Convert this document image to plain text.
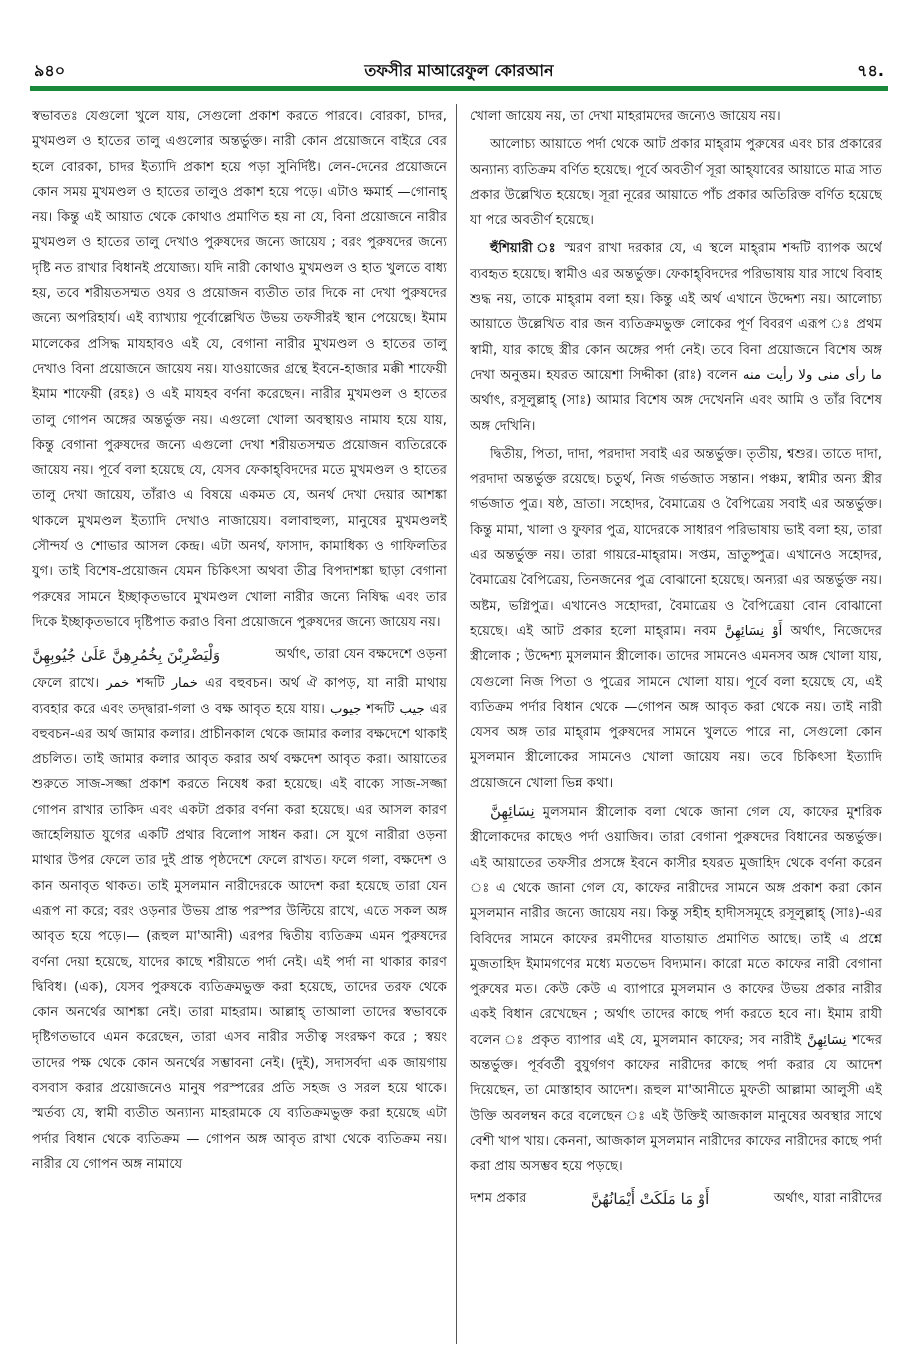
৯৪০	তফসীর মাআরেফুল কোরআন	৭৪.

স্বভাবতঃ যেগুলো খুলে যায়, সেগুলো প্রকাশ করতে পারবে। বোরকা, চাদর, মুখমণ্ডল ও হাতের তালু এগুলোর অন্তর্ভুক্ত। নারী কোন প্রয়োজনে বাইরে বের হলে বোরকা, চাদর ইত্যাদি প্রকাশ হয়ে পড়া সুনির্দিষ্ট। লেন-দেনের প্রয়োজনে কোন সময় মুখমণ্ডল ও হাতের তালুও প্রকাশ হয়ে পড়ে। এটাও ক্ষমার্হ —গোনাহ্ নয়। কিন্তু এই আয়াত থেকে কোথাও প্রমাণিত হয় না যে, বিনা প্রয়োজনে নারীর মুখমণ্ডল ও হাতের তালু দেখাও পুরুষদের জন্যে জায়েয ; বরং পুরুষদের জন্যে দৃষ্টি নত রাখার বিধানই প্রযোজ্য। যদি নারী কোথাও মুখমণ্ডল ও হাত খুলতে বাধ্য হয়, তবে শরীয়তসম্মত ওযর ও প্রয়োজন ব্যতীত তার দিকে না দেখা পুরুষদের জন্যে অপরিহার্য। এই ব্যাখ্যায় পূর্বোল্লেখিত উভয় তফসীরই স্থান পেয়েছে। ইমাম মালেকের প্রসিদ্ধ মাযহাবও এই যে, বেগানা নারীর মুখমণ্ডল ও হাতের তালু দেখাও বিনা প্রয়োজনে জায়েয নয়। যাওয়াজের গ্রন্থে ইবনে-হাজার মক্কী শাফেয়ী ইমাম শাফেয়ী (রহঃ) ও এই মাযহব বর্ণনা করেছেন। নারীর মুখমণ্ডল ও হাতের তালু গোপন অঙ্গের অন্তর্ভুক্ত নয়। এগুলো খোলা অবস্থায়ও নামায হয়ে যায়, কিন্তু বেগানা পুরুষদের জন্যে এগুলো দেখা শরীয়তসম্মত প্রয়োজন ব্যতিরেকে জায়েয নয়। পূর্বে বলা হয়েছে যে, যেসব ফেকাহ্‌বিদদের মতে মুখমণ্ডল ও হাতের তালু দেখা জায়েয, তাঁরাও এ বিষয়ে একমত যে, অনর্থ দেখা দেয়ার আশঙ্কা থাকলে মুখমণ্ডল ইত্যাদি দেখাও নাজায়েয। বলাবাহুল্য, মানুষের মুখমণ্ডলই সৌন্দর্য ও শোভার আসল কেন্দ্র। এটা অনর্থ, ফাসাদ, কামাধিক্য ও গাফিলতির যুগ। তাই বিশেষ-প্রয়োজন যেমন চিকিৎসা অথবা তীব্র বিপদাশঙ্কা ছাড়া বেগানা পরুষের সামনে ইচ্ছাকৃতভাবে মুখমণ্ডল খোলা নারীর জন্যে নিষিদ্ধ এবং তার দিকে ইচ্ছাকৃতভাবে দৃষ্টিপাত করাও বিনা প্রয়োজনে পুরুষদের জন্যে জায়েয নয়।

وَلْيَضْرِبْنَ بِخُمُرِهِنَّ عَلَىٰ جُيُوبِهِنَّ	অর্থাৎ, তারা যেন বক্ষদেশে ওড়না

ফেলে রাখে। خمر শব্দটি خمار এর বহুবচন। অর্থ ঐ কাপড়, যা নারী মাথায় ব্যবহার করে এবং তদ্দ্বারা-গলা ও বক্ষ আবৃত হয়ে যায়। جيوب শব্দটি جيب এর বহুবচন-এর অর্থ জামার কলার। প্রাচীনকাল থেকে জামার কলার বক্ষদেশে থাকাই প্রচলিত। তাই জামার কলার আবৃত করার অর্থ বক্ষদেশ আবৃত করা। আয়াতের শুরুতে সাজ-সজ্জা প্রকাশ করতে নিষেধ করা হয়েছে। এই বাক্যে সাজ-সজ্জা গোপন রাখার তাকিদ এবং একটা প্রকার বর্ণনা করা হয়েছে। এর আসল কারণ জাহেলিয়াত যুগের একটি প্রথার বিলোপ সাধন করা। সে যুগে নারীরা ওড়না মাথার উপর ফেলে তার দুই প্রান্ত পৃষ্ঠদেশে ফেলে রাখত। ফলে গলা, বক্ষদেশ ও কান অনাবৃত থাকত। তাই মুসলমান নারীদেরকে আদেশ করা হয়েছে তারা যেন এরূপ না করে; বরং ওড়নার উভয় প্রান্ত পরস্পর উল্টিয়ে রাখে, এতে সকল অঙ্গ আবৃত হয়ে পড়ে।— (রূহুল মা'আনী) এরপর দ্বিতীয় ব্যতিক্রম এমন পুরুষদের বর্ণনা দেয়া হয়েছে, যাদের কাছে শরীয়তে পর্দা নেই। এই পর্দা না থাকার কারণ দ্বিবিধ। (এক), যেসব পুরুষকে ব্যতিক্রমভুক্ত করা হয়েছে, তাদের তরফ থেকে কোন অনর্থের আশঙ্কা নেই। তারা মাহরাম। আল্লাহ্ তাআলা তাদের স্বভাবকে দৃষ্টিগতভাবে এমন করেছেন, তারা এসব নারীর সতীত্ব সংরক্ষণ করে ; স্বয়ং তাদের পক্ষ থেকে কোন অনর্থের সম্ভাবনা নেই। (দুই), সদাসর্বদা এক জায়গায় বসবাস করার প্রয়োজনেও মানুষ পরস্পরের প্রতি সহজ ও সরল হয়ে থাকে। স্মর্তব্য যে, স্বামী ব্যতীত অন্যান্য মাহরামকে যে ব্যতিক্রমভুক্ত করা হয়েছে এটা পর্দার বিধান থেকে ব্যতিক্রম — গোপন অঙ্গ আবৃত রাখা থেকে ব্যতিক্রম নয়। নারীর যে গোপন অঙ্গ নামাযে

খোলা জায়েয নয়, তা দেখা মাহরামদের জন্যেও জায়েয নয়।

আলোচ্য আয়াতে পর্দা থেকে আট প্রকার মাহ্‌রাম পুরুষের এবং চার প্রকারের অন্যান্য ব্যতিক্রম বর্ণিত হয়েছে। পূর্বে অবতীর্ণ সূরা আহ্‌যাবের আয়াতে মাত্র সাত প্রকার উল্লেখিত হয়েছে। সূরা নূরের আয়াতে পাঁচ প্রকার অতিরিক্ত বর্ণিত হয়েছে যা পরে অবতীর্ণ হয়েছে।

হুঁশিয়ারী ঃ স্মরণ রাখা দরকার যে, এ স্থলে মাহ্‌রাম শব্দটি ব্যাপক অর্থে ব্যবহৃত হয়েছে। স্বামীও এর অন্তর্ভুক্ত। ফেকাহ্‌বিদদের পরিভাষায় যার সাথে বিবাহ শুদ্ধ নয়, তাকে মাহ্‌রাম বলা হয়। কিন্তু এই অর্থ এখানে উদ্দেশ্য নয়। আলোচ্য আয়াতে উল্লেখিত বার জন ব্যতিক্রমভুক্ত লোকের পূর্ণ বিবরণ এরূপ ঃ প্রথম স্বামী, যার কাছে স্ত্রীর কোন অঙ্গের পর্দা নেই। তবে বিনা প্রয়োজনে বিশেষ অঙ্গ দেখা অনুত্তম। হযরত আয়েশা সিদ্দীকা (রাঃ) বলেন ما رأى منى ولا رأيت منه অর্থাৎ, রসূলুল্লাহ্ (সাঃ) আমার বিশেষ অঙ্গ দেখেননি এবং আমি ও তাঁর বিশেষ অঙ্গ দেখিনি।

দ্বিতীয়, পিতা, দাদা, পরদাদা সবাই এর অন্তর্ভুক্ত। তৃতীয়, শ্বশুর। তাতে দাদা, পরদাদা অন্তর্ভুক্ত রয়েছে। চতুর্থ, নিজ গর্ভজাত সন্তান। পঞ্চম, স্বামীর অন্য স্ত্রীর গর্ভজাত পুত্র। ষষ্ঠ, ভ্রাতা। সহোদর, বৈমাত্রেয় ও বৈপিত্রেয় সবাই এর অন্তর্ভুক্ত। কিন্তু মামা, খালা ও ফুফার পুত্র, যাদেরকে সাধারণ পরিভাষায় ভাই বলা হয়, তারা এর অন্তর্ভুক্ত নয়। তারা গায়রে-মাহ্‌রাম। সপ্তম, ভ্রাতুষ্পুত্র। এখানেও সহোদর, বৈমাত্রেয় বৈপিত্রেয়, তিনজনের পুত্র বোঝানো হয়েছে। অন্যরা এর অন্তর্ভুক্ত নয়। অষ্টম, ভগ্নিপুত্র। এখানেও সহোদরা, বৈমাত্রেয় ও বৈপিত্রেয়া বোন বোঝানো হয়েছে। এই আট প্রকার হলো মাহ্‌রাম। নবম أَوْ نِسَائِهِنَّ অর্থাৎ, নিজেদের স্ত্রীলোক ; উদ্দেশ্য মুসলমান স্ত্রীলোক। তাদের সামনেও এমনসব অঙ্গ খোলা যায়, যেগুলো নিজ পিতা ও পুত্রের সামনে খোলা যায়। পূর্বে বলা হয়েছে যে, এই ব্যতিক্রম পর্দার বিধান থেকে —গোপন অঙ্গ আবৃত করা থেকে নয়। তাই নারী যেসব অঙ্গ তার মাহ্‌রাম পুরুষদের সামনে খুলতে পারে না, সেগুলো কোন মুসলমান স্ত্রীলোকের সামনেও খোলা জায়েয নয়। তবে চিকিৎসা ইত্যাদি প্রয়োজনে খোলা ভিন্ন কথা।

نِسَائِهِنَّ মুলসমান স্ত্রীলোক বলা থেকে জানা গেল যে, কাফের মুশরিক স্ত্রীলোকদের কাছেও পর্দা ওয়াজিব। তারা বেগানা পুরুষদের বিধানের অন্তর্ভুক্ত। এই আয়াতের তফসীর প্রসঙ্গে ইবনে কাসীর হযরত মুজাহিদ থেকে বর্ণনা করেন ঃ এ থেকে জানা গেল যে, কাফের নারীদের সামনে অঙ্গ প্রকাশ করা কোন মুসলমান নারীর জন্যে জায়েয নয়। কিন্তু সহীহ হাদীসসমূহে রসূলুল্লাহ্ (সাঃ)-এর বিবিদের সামনে কাফের রমণীদের যাতায়াত প্রমাণিত আছে। তাই এ প্রশ্নে মুজতাহিদ ইমামগণের মধ্যে মতভেদ বিদ্যমান। কারো মতে কাফের নারী বেগানা পুরুষের মত। কেউ কেউ এ ব্যাপারে মুসলমান ও কাফের উভয় প্রকার নারীর একই বিধান রেখেছেন ; অর্থাৎ তাদের কাছে পর্দা করতে হবে না। ইমাম রাযী বলেন ঃ প্রকৃত ব্যাপার এই যে, মুসলমান কাফের; সব নারীই نِسَائِهِنَّ শব্দের অন্তর্ভুক্ত। পূর্ববর্তী বুযুর্গগণ কাফের নারীদের কাছে পর্দা করার যে আদেশ দিয়েছেন, তা মোস্তাহাব আদেশ। রূহুল মা'আনীতে মুফতী আল্লামা আলুসী এই উক্তি অবলম্বন করে বলেছেন ঃ এই উক্তিই আজকাল মানুষের অবস্থার সাথে বেশী খাপ খায়। কেননা, আজকাল মুসলমান নারীদের কাফের নারীদের কাছে পর্দা করা প্রায় অসম্ভব হয়ে পড়ছে।

দশম প্রকার	أَوْ مَا مَلَكَتْ أَيْمَانُهُنَّ	অর্থাৎ, যারা নারীদের
